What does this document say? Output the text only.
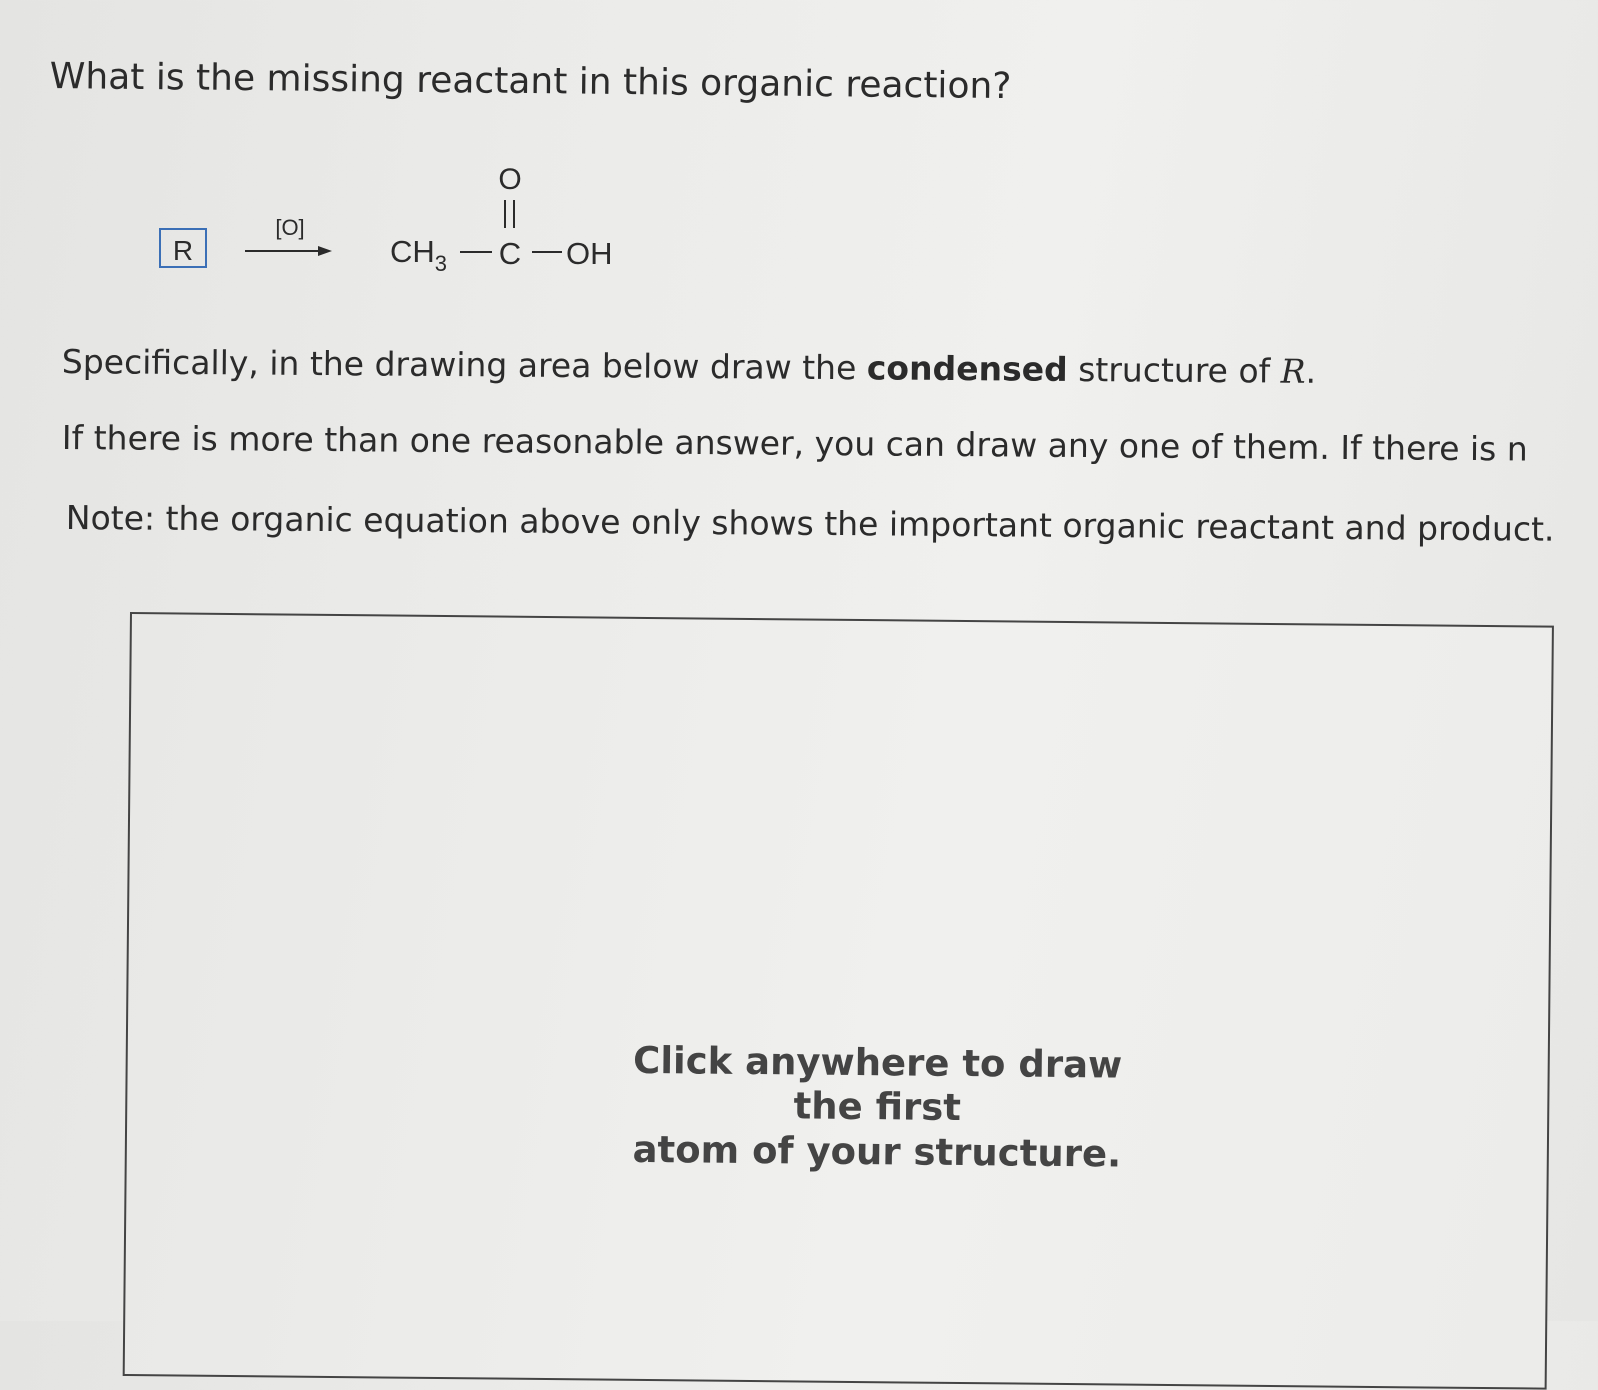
What is the missing reactant in this organic reaction?
R
[O]
$CH_3$
O
C OH
Specifically, in the drawing area below draw the condensed structure of R.
If there is more than one reasonable answer, you can draw any one of them. If there is n
Note: the organic equation above only shows the important organic reactant and product.
Click anywhere to draw the first
atom of your structure.
